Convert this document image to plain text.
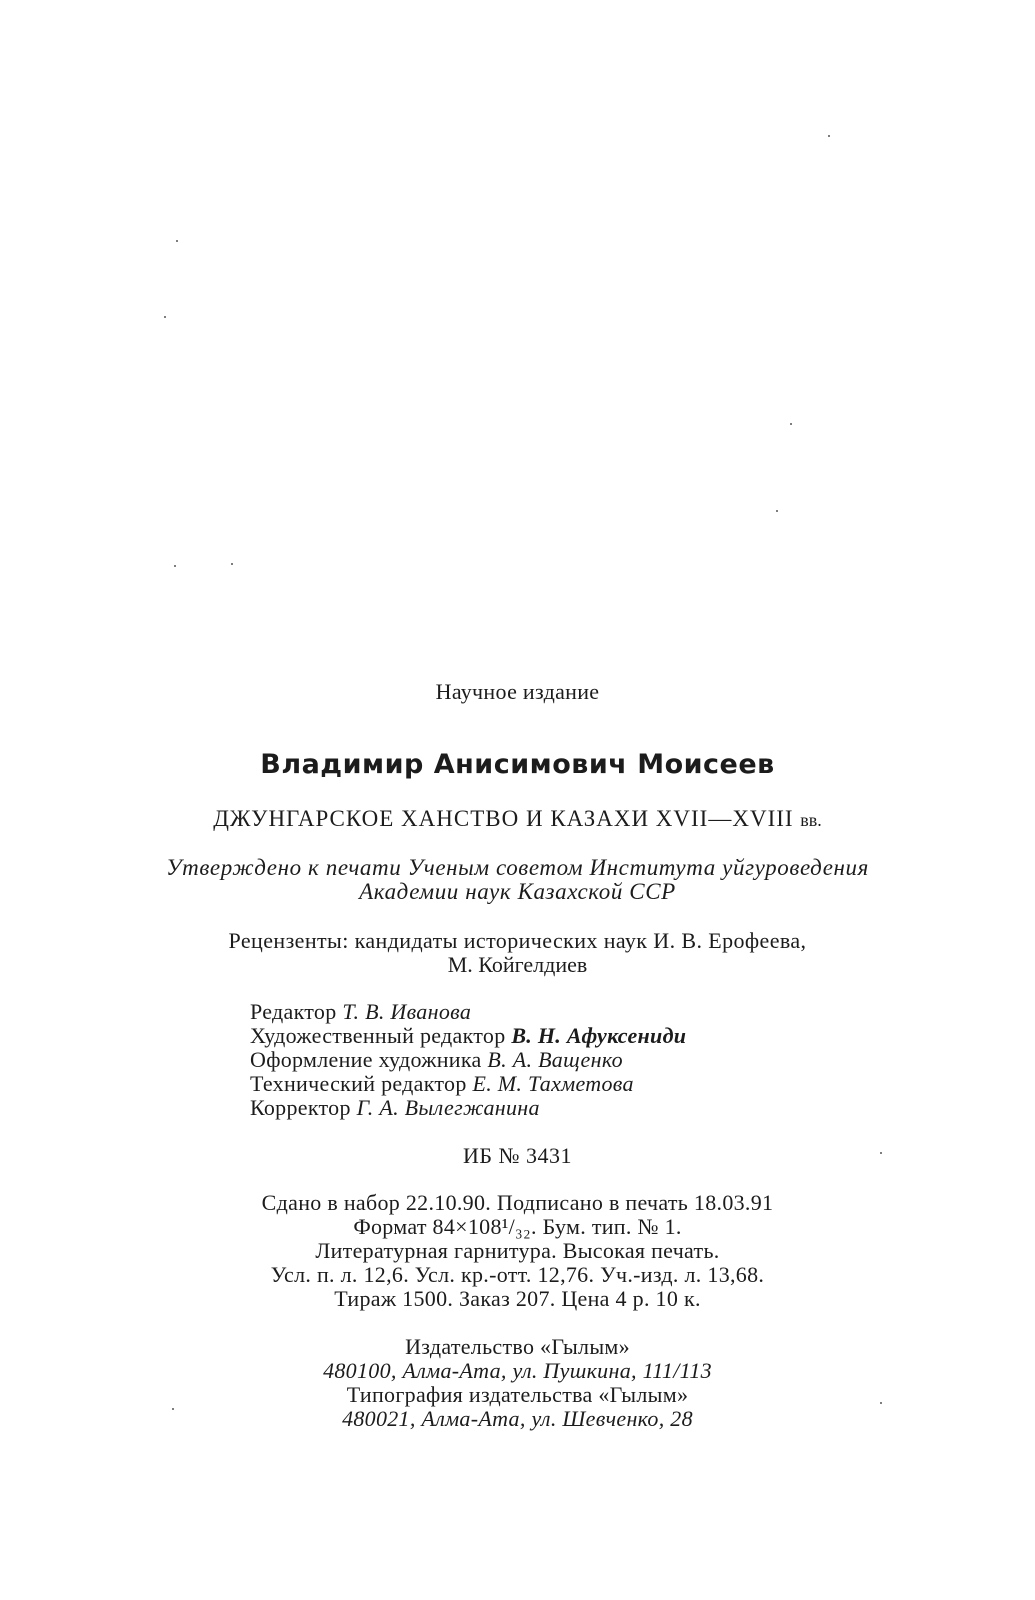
Научное издание
Владимир Анисимович Моисеев
ДЖУНГАРСКОЕ ХАНСТВО И КАЗАХИ XVII—XVIII вв.
Утверждено к печати Ученым советом Института уйгуроведения
Академии наук Казахской ССР
Рецензенты: кандидаты исторических наук И. В. Ерофеева,
М. Койгелдиев
Редактор Т. В. Иванова
Художественный редактор В. Н. Афуксениди
Оформление художника В. А. Ващенко
Технический редактор Е. М. Тахметова
Корректор Г. А. Вылегжанина
ИБ № 3431
Сдано в набор 22.10.90. Подписано в печать 18.03.91
Формат 84×108¹/₃₂. Бум. тип. № 1.
Литературная гарнитура. Высокая печать.
Усл. п. л. 12,6. Усл. кр.-отт. 12,76. Уч.-изд. л. 13,68.
Тираж 1500. Заказ 207. Цена 4 р. 10 к.
Издательство «Гылым»
480100, Алма-Ата, ул. Пушкина, 111/113
Типография издательства «Гылым»
480021, Алма-Ата, ул. Шевченко, 28
